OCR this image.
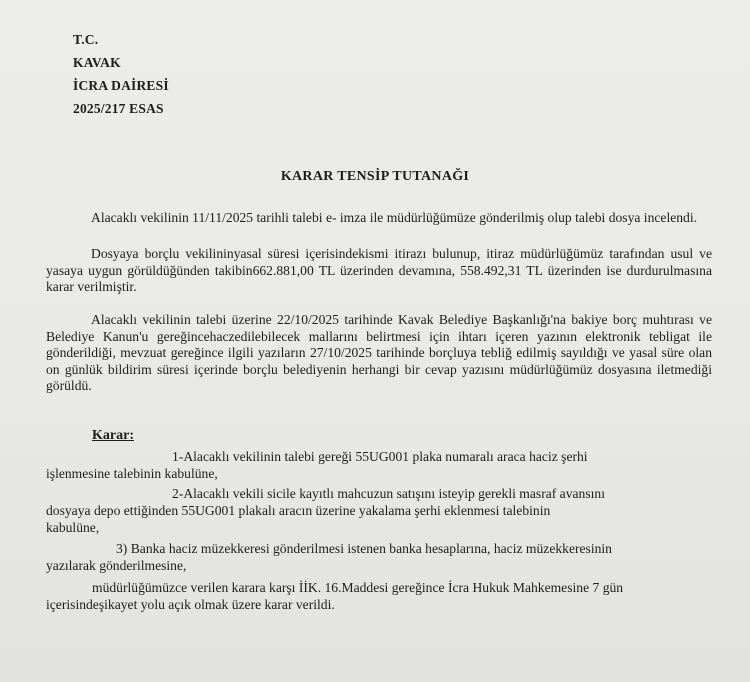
T.C.
KAVAK
İCRA DAİRESİ
2025/217 ESAS
KARAR TENSİP TUTANAĞI
Alacaklı vekilinin 11/11/2025 tarihli talebi e- imza ile müdürlüğümüze gönderilmiş olup talebi dosya incelendi.
Dosyaya borçlu vekilininyasal süresi içerisindekismi itirazı bulunup, itiraz müdürlüğümüz tarafından usul ve yasaya uygun görüldüğünden takibin662.881,00 TL üzerinden devamına, 558.492,31 TL üzerinden ise durdurulmasına karar verilmiştir.
Alacaklı vekilinin talebi üzerine 22/10/2025 tarihinde Kavak Belediye Başkanlığı'na bakiye borç muhtırası ve Belediye Kanun'u gereğincehaczedilebilecek mallarını belirtmesi için ihtarı içeren yazının elektronik tebligat ile gönderildiği, mevzuat gereğince ilgili yazıların 27/10/2025 tarihinde borçluya tebliğ edilmiş sayıldığı ve yasal süre olan on günlük bildirim süresi içerinde borçlu belediyenin herhangi bir cevap yazısını müdürlüğümüz dosyasına iletmediği görüldü.
Karar:
1-Alacaklı vekilinin talebi gereği 55UG001 plaka numaralı araca haciz şerhi
işlenmesine talebinin kabulüne,
2-Alacaklı vekili sicile kayıtlı mahcuzun satışını isteyip gerekli masraf avansını
dosyaya depo ettiğinden 55UG001 plakalı aracın üzerine yakalama şerhi eklenmesi talebinin
kabulüne,
3) Banka haciz müzekkeresi gönderilmesi istenen banka hesaplarına, haciz müzekkeresinin
yazılarak gönderilmesine,
müdürlüğümüzce verilen karara karşı İİK. 16.Maddesi gereğince İcra Hukuk Mahkemesine 7 gün
içerisindeşikayet yolu açık olmak üzere karar verildi.
